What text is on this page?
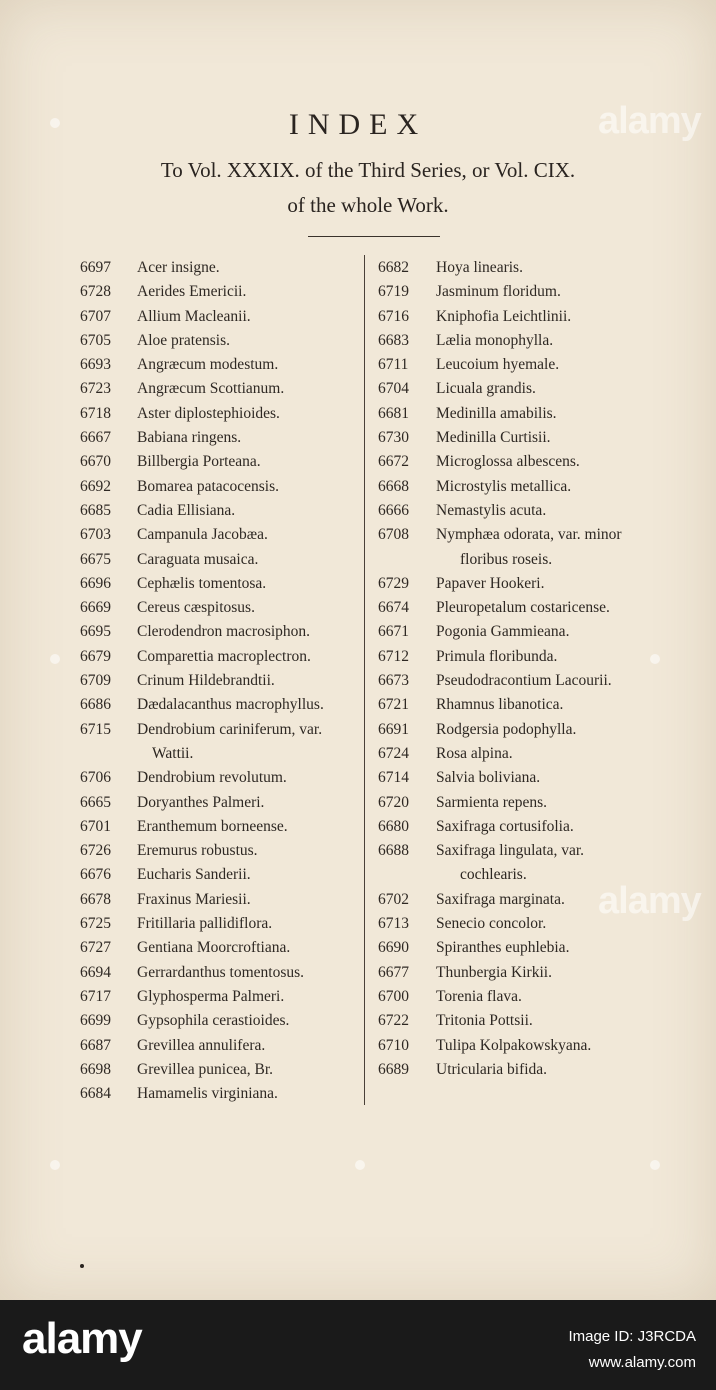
INDEX
To Vol. XXXIX. of the Third Series, or Vol. CIX.
of the whole Work.
6697	Acer insigne.
6728	Aerides Emericii.
6707	Allium Macleanii.
6705	Aloe pratensis.
6693	Angræcum modestum.
6723	Angræcum Scottianum.
6718	Aster diplostephioides.
6667	Babiana ringens.
6670	Billbergia Porteana.
6692	Bomarea patacocensis.
6685	Cadia Ellisiana.
6703	Campanula Jacobæa.
6675	Caraguata musaica.
6696	Cephælis tomentosa.
6669	Cereus cæspitosus.
6695	Clerodendron macrosiphon.
6679	Comparettia macroplectron.
6709	Crinum Hildebrandtii.
6686	Dædalacanthus macrophyllus.
6715	Dendrobium cariniferum, var.
Wattii.
6706	Dendrobium revolutum.
6665	Doryanthes Palmeri.
6701	Eranthemum borneense.
6726	Eremurus robustus.
6676	Eucharis Sanderii.
6678	Fraxinus Mariesii.
6725	Fritillaria pallidiflora.
6727	Gentiana Moorcroftiana.
6694	Gerrardanthus tomentosus.
6717	Glyphosperma Palmeri.
6699	Gypsophila cerastioides.
6687	Grevillea annulifera.
6698	Grevillea punicea, Br.
6684	Hamamelis virginiana.
6682	Hoya linearis.
6719	Jasminum floridum.
6716	Kniphofia Leichtlinii.
6683	Lælia monophylla.
6711	Leucoium hyemale.
6704	Licuala grandis.
6681	Medinilla amabilis.
6730	Medinilla Curtisii.
6672	Microglossa albescens.
6668	Microstylis metallica.
6666	Nemastylis acuta.
6708	Nymphæa odorata, var. minor
floribus roseis.
6729	Papaver Hookeri.
6674	Pleuropetalum costaricense.
6671	Pogonia Gammieana.
6712	Primula floribunda.
6673	Pseudodracontium Lacourii.
6721	Rhamnus libanotica.
6691	Rodgersia podophylla.
6724	Rosa alpina.
6714	Salvia boliviana.
6720	Sarmienta repens.
6680	Saxifraga cortusifolia.
6688	Saxifraga lingulata, var.
cochlearis.
6702	Saxifraga marginata.
6713	Senecio concolor.
6690	Spiranthes euphlebia.
6677	Thunbergia Kirkii.
6700	Torenia flava.
6722	Tritonia Pottsii.
6710	Tulipa Kolpakowskyana.
6689	Utricularia bifida.
alamy
alamy
alamy	Image ID: J3RCDA
www.alamy.com
